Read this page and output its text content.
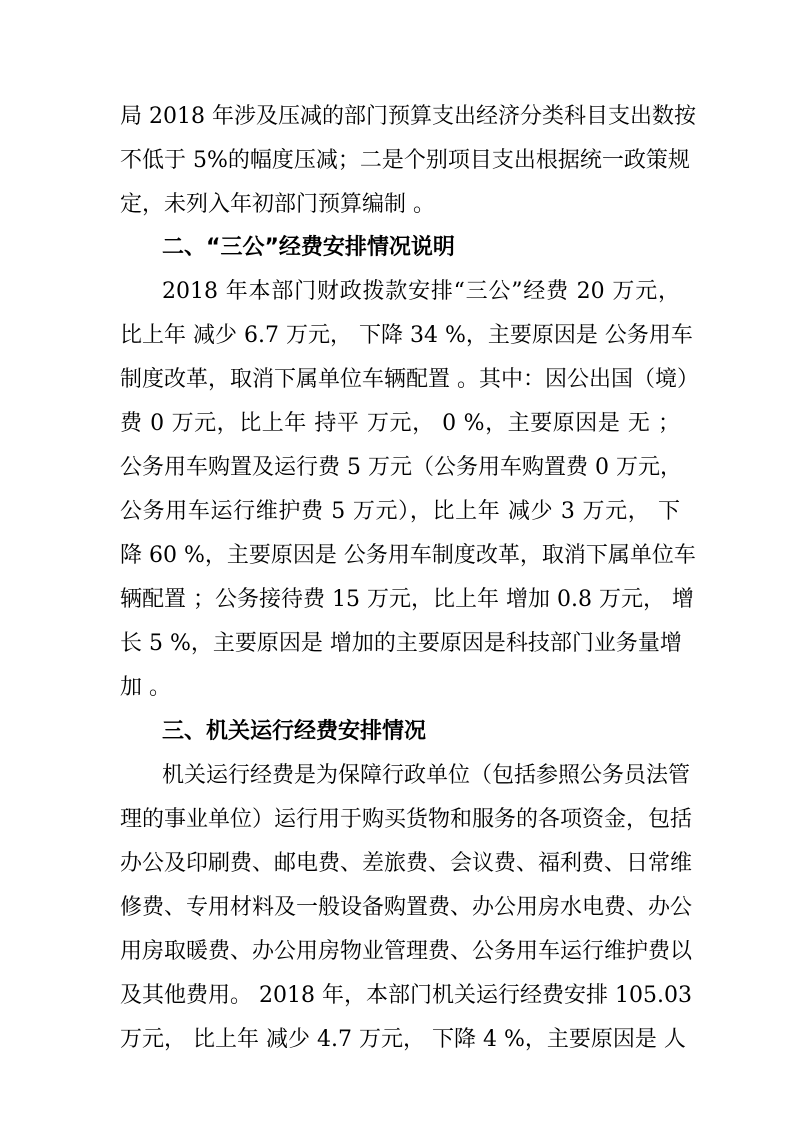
局 2018 年涉及压减的部门预算支出经济分类科目支出数按
不低于 5%的幅度压减；二是个别项目支出根据统一政策规
定，未列入年初部门预算编制 。
二、“三公”经费安排情况说明
2018 年本部门财政拨款安排“三公”经费 20 万元，
比上年 减少 6.7 万元， 下降 34 %，主要原因是 公务用车
制度改革，取消下属单位车辆配置 。其中：因公出国（境）
费 0 万元，比上年 持平 万元， 0 %，主要原因是 无 ；
公务用车购置及运行费 5 万元（公务用车购置费 0 万元，
公务用车运行维护费 5 万元），比上年 减少 3 万元， 下
降 60 %，主要原因是 公务用车制度改革，取消下属单位车
辆配置 ；公务接待费 15 万元，比上年 增加 0.8 万元， 增
长 5 %，主要原因是 增加的主要原因是科技部门业务量增
加 。
三、机关运行经费安排情况
机关运行经费是为保障行政单位（包括参照公务员法管
理的事业单位）运行用于购买货物和服务的各项资金，包括
办公及印刷费、邮电费、差旅费、会议费、福利费、日常维
修费、专用材料及一般设备购置费、办公用房水电费、办公
用房取暖费、办公用房物业管理费、公务用车运行维护费以
及其他费用。 2018 年，本部门机关运行经费安排 105.03
万元， 比上年 减少 4.7 万元， 下降 4 %，主要原因是 人
